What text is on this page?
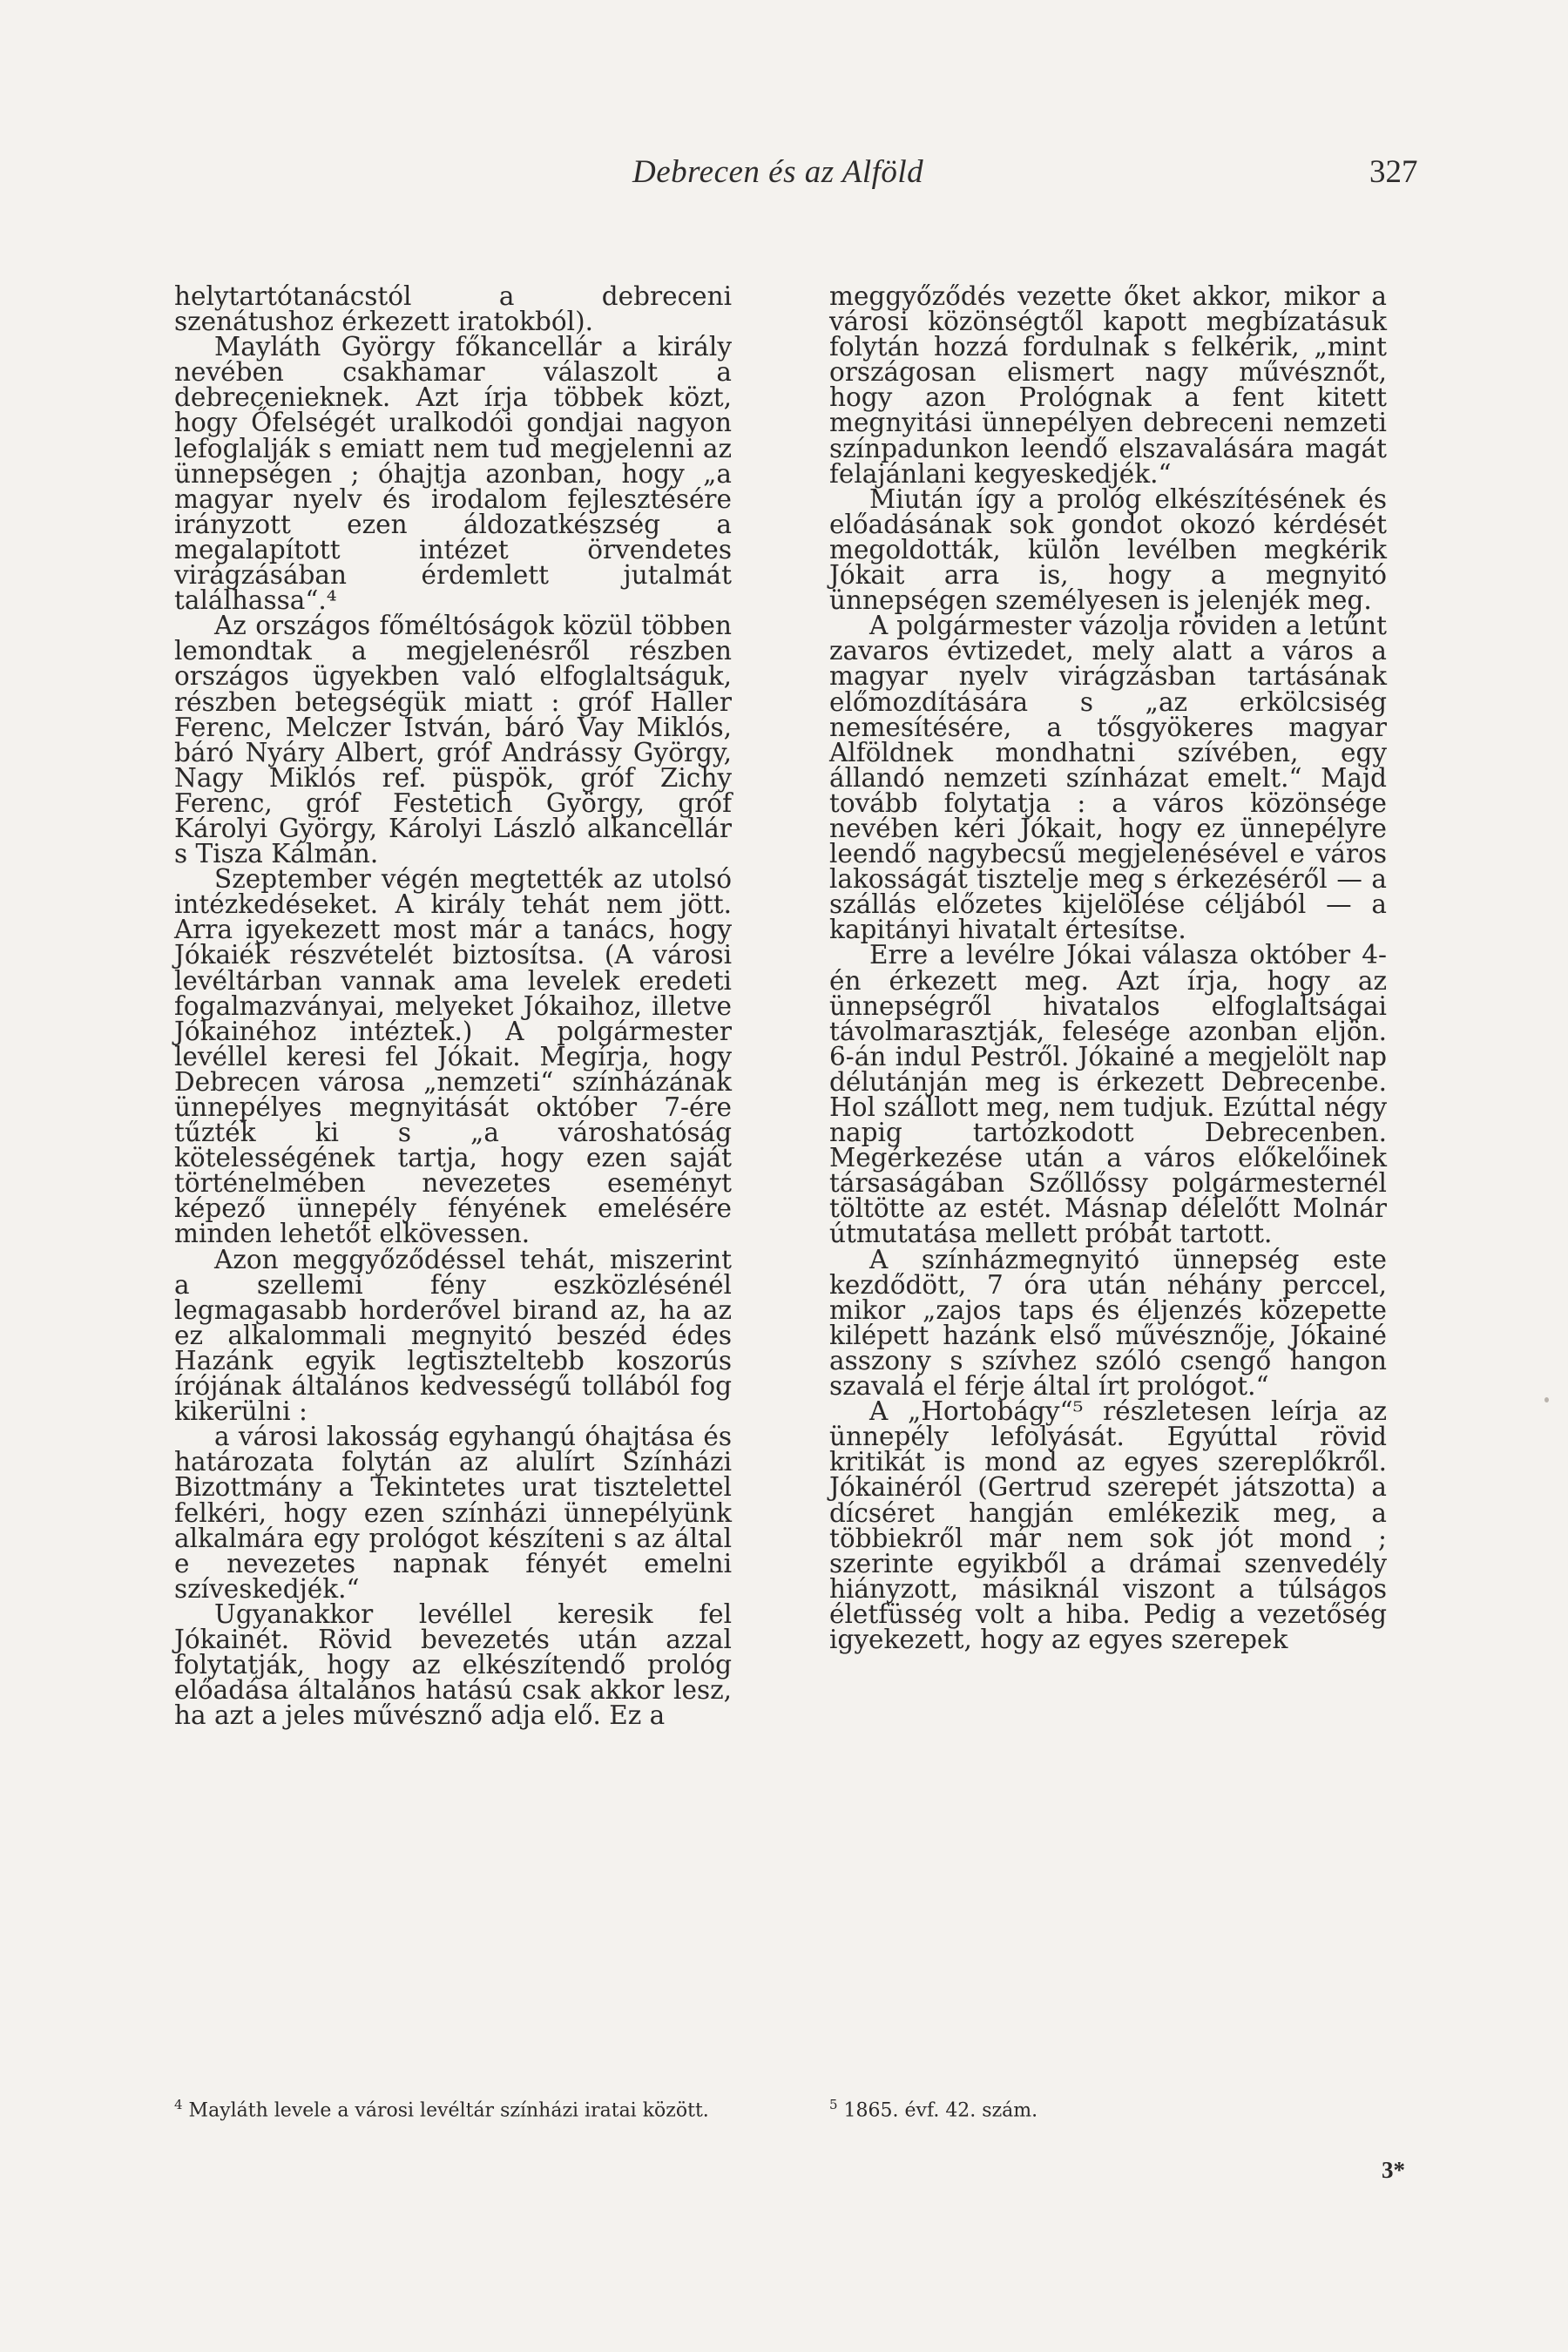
Debrecen és az Alföld	327

helytartótanácstól a debreceni szenátushoz érkezett iratokból).

Mayláth György főkancellár a király nevében csakhamar válaszolt a debrecenieknek. Azt írja többek közt, hogy Őfelségét uralkodói gondjai nagyon lefoglalják s emiatt nem tud megjelenni az ünnepségen ; óhajtja azonban, hogy „a magyar nyelv és irodalom fejlesztésére irányzott ezen áldozatkészség a megalapított intézet örvendetes virágzásában érdemlett jutalmát találhassa“.⁴

Az országos főméltóságok közül többen lemondtak a megjelenésről részben országos ügyekben való elfoglaltságuk, részben betegségük miatt : gróf Haller Ferenc, Melczer István, báró Vay Miklós, báró Nyáry Albert, gróf Andrássy György, Nagy Miklós ref. püspök, gróf Zichy Ferenc, gróf Festetich György, gróf Károlyi György, Károlyi László alkancellár s Tisza Kálmán.

Szeptember végén megtették az utolsó intézkedéseket. A király tehát nem jött. Arra igyekezett most már a tanács, hogy Jókaiék részvételét biztosítsa. (A városi levéltárban vannak ama levelek eredeti fogalmazványai, melyeket Jókaihoz, illetve Jókainéhoz intéztek.) A polgármester levéllel keresi fel Jókait. Megírja, hogy Debrecen városa „nemzeti“ színházának ünnepélyes megnyitását október 7-ére tűzték ki s „a városhatóság kötelességének tartja, hogy ezen saját történelmében nevezetes eseményt képező ünnepély fényének emelésére minden lehetőt elkövessen.

Azon meggyőződéssel tehát, miszerint a szellemi fény eszközlésénél legmagasabb horderővel birand az, ha az ez alkalommali megnyitó beszéd édes Hazánk egyik legtiszteltebb koszorús írójának általános kedvességű tollából fog kikerülni :

a városi lakosság egyhangú óhajtása és határozata folytán az alulírt Színházi Bizottmány a Tekintetes urat tisztelettel felkéri, hogy ezen színházi ünnepélyünk alkalmára egy prológot készíteni s az által e nevezetes napnak fényét emelni szíveskedjék.“

Ugyanakkor levéllel keresik fel Jókainét. Rövid bevezetés után azzal folytatják, hogy az elkészítendő prológ előadása általános hatású csak akkor lesz, ha azt a jeles művésznő adja elő. Ez a

meggyőződés vezette őket akkor, mikor a városi közönségtől kapott megbízatásuk folytán hozzá fordulnak s felkérik, „mint országosan elismert nagy művésznőt, hogy azon Prológnak a fent kitett megnyitási ünnepélyen debreceni nemzeti színpadunkon leendő elszavalására magát felajánlani kegyeskedjék.“

Miután így a prológ elkészítésének és előadásának sok gondot okozó kérdését megoldották, külön levélben megkérik Jókait arra is, hogy a megnyitó ünnepségen személyesen is jelenjék meg.

A polgármester vázolja röviden a letűnt zavaros évtizedet, mely alatt a város a magyar nyelv virágzásban tartásának előmozdítására s „az erkölcsiség nemesítésére, a tősgyökeres magyar Alföldnek mondhatni szívében, egy állandó nemzeti színházat emelt.“ Majd tovább folytatja : a város közönsége nevében kéri Jókait, hogy ez ünnepélyre leendő nagybecsű megjelenésével e város lakosságát tisztelje meg s érkezéséről — a szállás előzetes kijelölése céljából — a kapitányi hivatalt értesítse.

Erre a levélre Jókai válasza október 4-én érkezett meg. Azt írja, hogy az ünnepségről hivatalos elfoglaltságai távolmarasztják, felesége azonban eljön. 6-án indul Pestről. Jókainé a megjelölt nap délutánján meg is érkezett Debrecenbe. Hol szállott meg, nem tudjuk. Ezúttal négy napig tartózkodott Debrecenben. Megérkezése után a város előkelőinek társaságában Szőllőssy polgármesternél töltötte az estét. Másnap délelőtt Molnár útmutatása mellett próbát tartott.

A színházmegnyitó ünnepség este kezdődött, 7 óra után néhány perccel, mikor „zajos taps és éljenzés közepette kilépett hazánk első művésznője, Jókainé asszony s szívhez szóló csengő hangon szavalá el férje által írt prológot.“

A „Hortobágy“⁵ részletesen leírja az ünnepély lefolyását. Egyúttal rövid kritikát is mond az egyes szereplőkről. Jókainéról (Gertrud szerepét játszotta) a dícséret hangján emlékezik meg, a többiekről már nem sok jót mond ; szerinte egyikből a drámai szenvedély hiányzott, másiknál viszont a túlságos életfüsség volt a hiba. Pedig a vezetőség igyekezett, hogy az egyes szerepek

$^4$ Mayláth levele a városi levéltár színházi iratai között.	$^5$ 1865. évf. 42. szám.
3*
